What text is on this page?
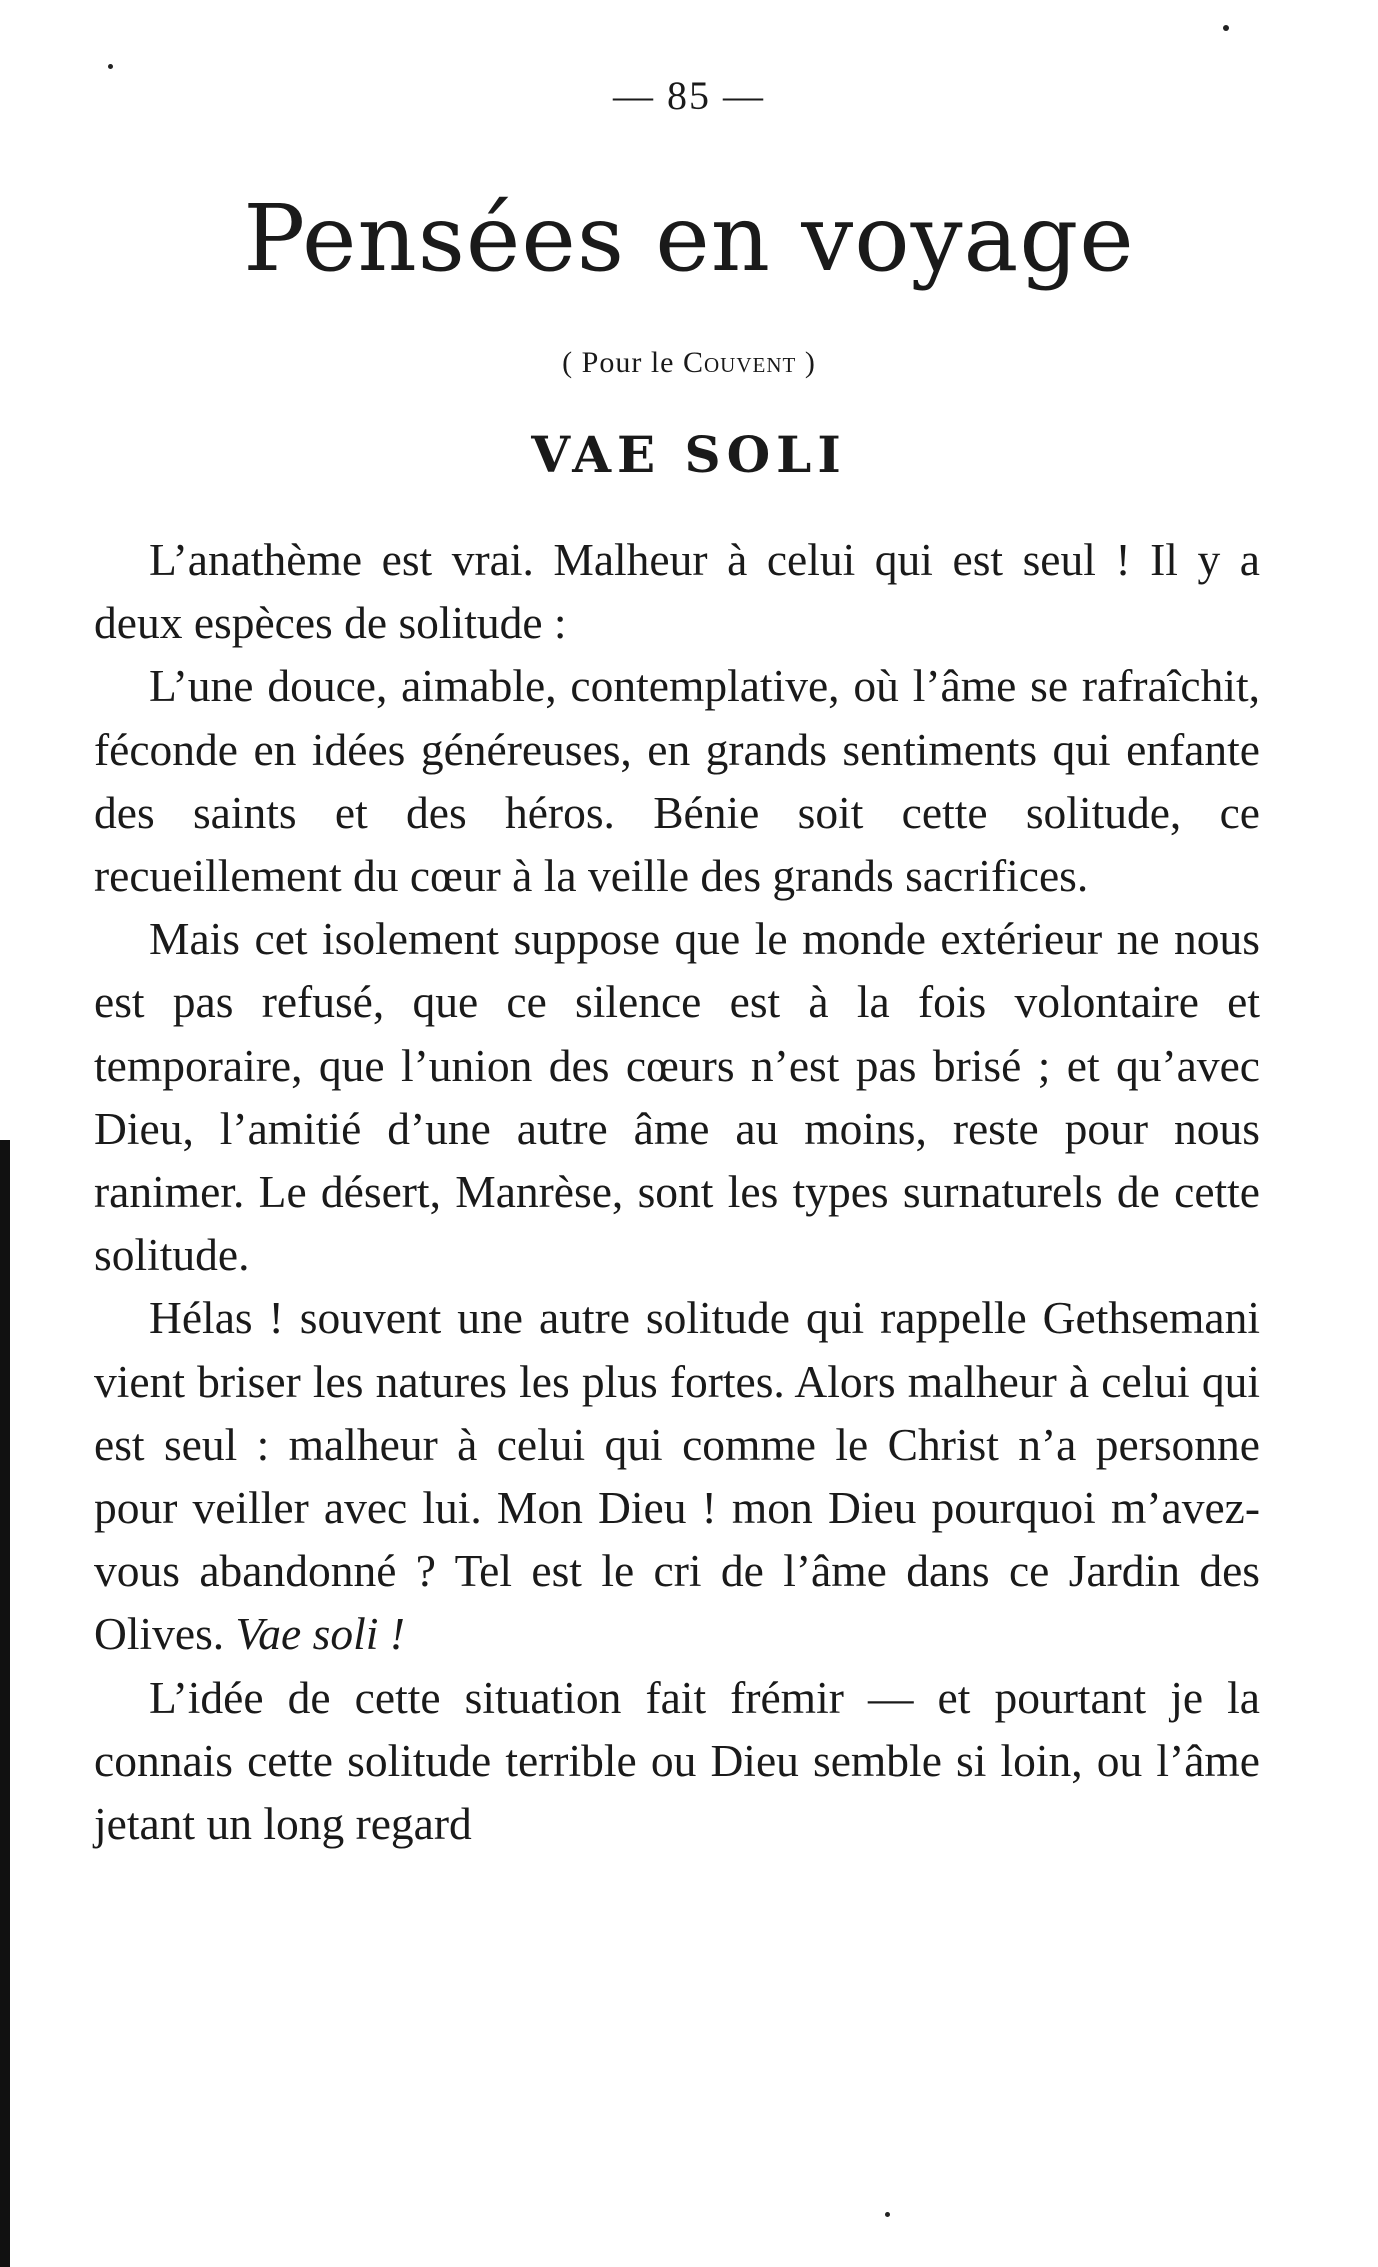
— 85 —
Pensées en voyage
( Pour le Couvent )
VAE SOLI

L’anathème est vrai. Malheur à celui qui est seul ! Il y a deux espèces de solitude :

L’une douce, aimable, contemplative, où l’âme se rafraîchit, féconde en idées généreuses, en grands sentiments qui enfante des saints et des héros. Bénie soit cette solitude, ce recueillement du cœur à la veille des grands sacrifices.

Mais cet isolement suppose que le monde extérieur ne nous est pas refusé, que ce silence est à la fois volontaire et temporaire, que l’union des cœurs n’est pas brisé ; et qu’avec Dieu, l’amitié d’une autre âme au moins, reste pour nous ranimer. Le désert, Manrèse, sont les types surnaturels de cette solitude.

Hélas ! souvent une autre solitude qui rappelle Gethsemani vient briser les natures les plus fortes. Alors malheur à celui qui est seul : malheur à celui qui comme le Christ n’a personne pour veiller avec lui. Mon Dieu ! mon Dieu pourquoi m’avez-vous abandonné ? Tel est le cri de l’âme dans ce Jardin des Olives. Vae soli !

L’idée de cette situation fait frémir — et pourtant je la connais cette solitude terrible ou Dieu semble si loin, ou l’âme jetant un long regard
